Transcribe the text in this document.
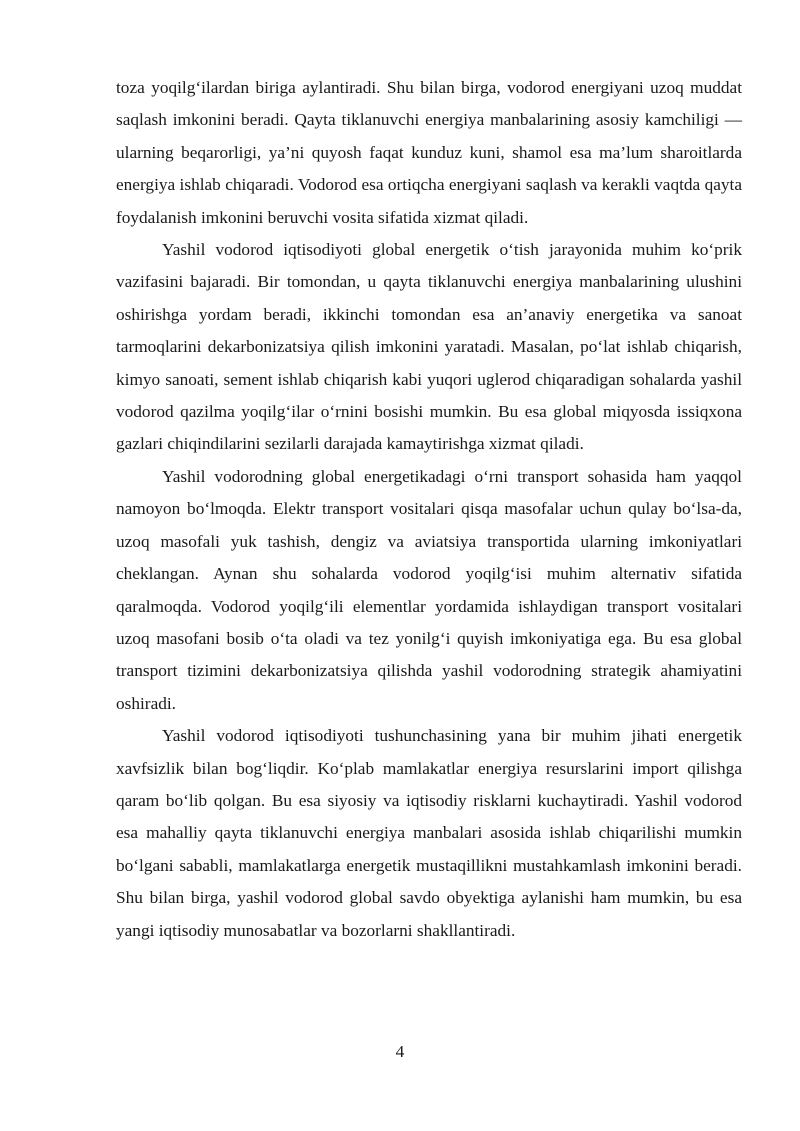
toza yoqilg‘ilardan biriga aylantiradi. Shu bilan birga, vodorod energiyani uzoq muddat saqlash imkonini beradi. Qayta tiklanuvchi energiya manbalarining asosiy kamchiligi — ularning beqarorligi, ya’ni quyosh faqat kunduz kuni, shamol esa ma’lum sharoitlarda energiya ishlab chiqaradi. Vodorod esa ortiqcha energiyani saqlash va kerakli vaqtda qayta foydalanish imkonini beruvchi vosita sifatida xizmat qiladi.

Yashil vodorod iqtisodiyoti global energetik o‘tish jarayonida muhim ko‘prik vazifasini bajaradi. Bir tomondan, u qayta tiklanuvchi energiya manbalarining ulushini oshirishga yordam beradi, ikkinchi tomondan esa an’anaviy energetika va sanoat tarmoqlarini dekarbonizatsiya qilish imkonini yaratadi. Masalan, po‘lat ishlab chiqarish, kimyo sanoati, sement ishlab chiqarish kabi yuqori uglerod chiqaradigan sohalarda yashil vodorod qazilma yoqilg‘ilar o‘rnini bosishi mumkin. Bu esa global miqyosda issiqxona gazlari chiqindilarini sezilarli darajada kamaytirishga xizmat qiladi.

Yashil vodorodning global energetikadagi o‘rni transport sohasida ham yaqqol namoyon bo‘lmoqda. Elektr transport vositalari qisqa masofalar uchun qulay bo‘lsa-da, uzoq masofali yuk tashish, dengiz va aviatsiya transportida ularning imkoniyatlari cheklangan. Aynan shu sohalarda vodorod yoqilg‘isi muhim alternativ sifatida qaralmoqda. Vodorod yoqilg‘ili elementlar yordamida ishlaydigan transport vositalari uzoq masofani bosib o‘ta oladi va tez yonilg‘i quyish imkoniyatiga ega. Bu esa global transport tizimini dekarbonizatsiya qilishda yashil vodorodning strategik ahamiyatini oshiradi.

Yashil vodorod iqtisodiyoti tushunchasining yana bir muhim jihati energetik xavfsizlik bilan bog‘liqdir. Ko‘plab mamlakatlar energiya resurslarini import qilishga qaram bo‘lib qolgan. Bu esa siyosiy va iqtisodiy risklarni kuchaytiradi. Yashil vodorod esa mahalliy qayta tiklanuvchi energiya manbalari asosida ishlab chiqarilishi mumkin bo‘lgani sababli, mamlakatlarga energetik mustaqillikni mustahkamlash imkonini beradi. Shu bilan birga, yashil vodorod global savdo obyektiga aylanishi ham mumkin, bu esa yangi iqtisodiy munosabatlar va bozorlarni shakllantiradi.

4
